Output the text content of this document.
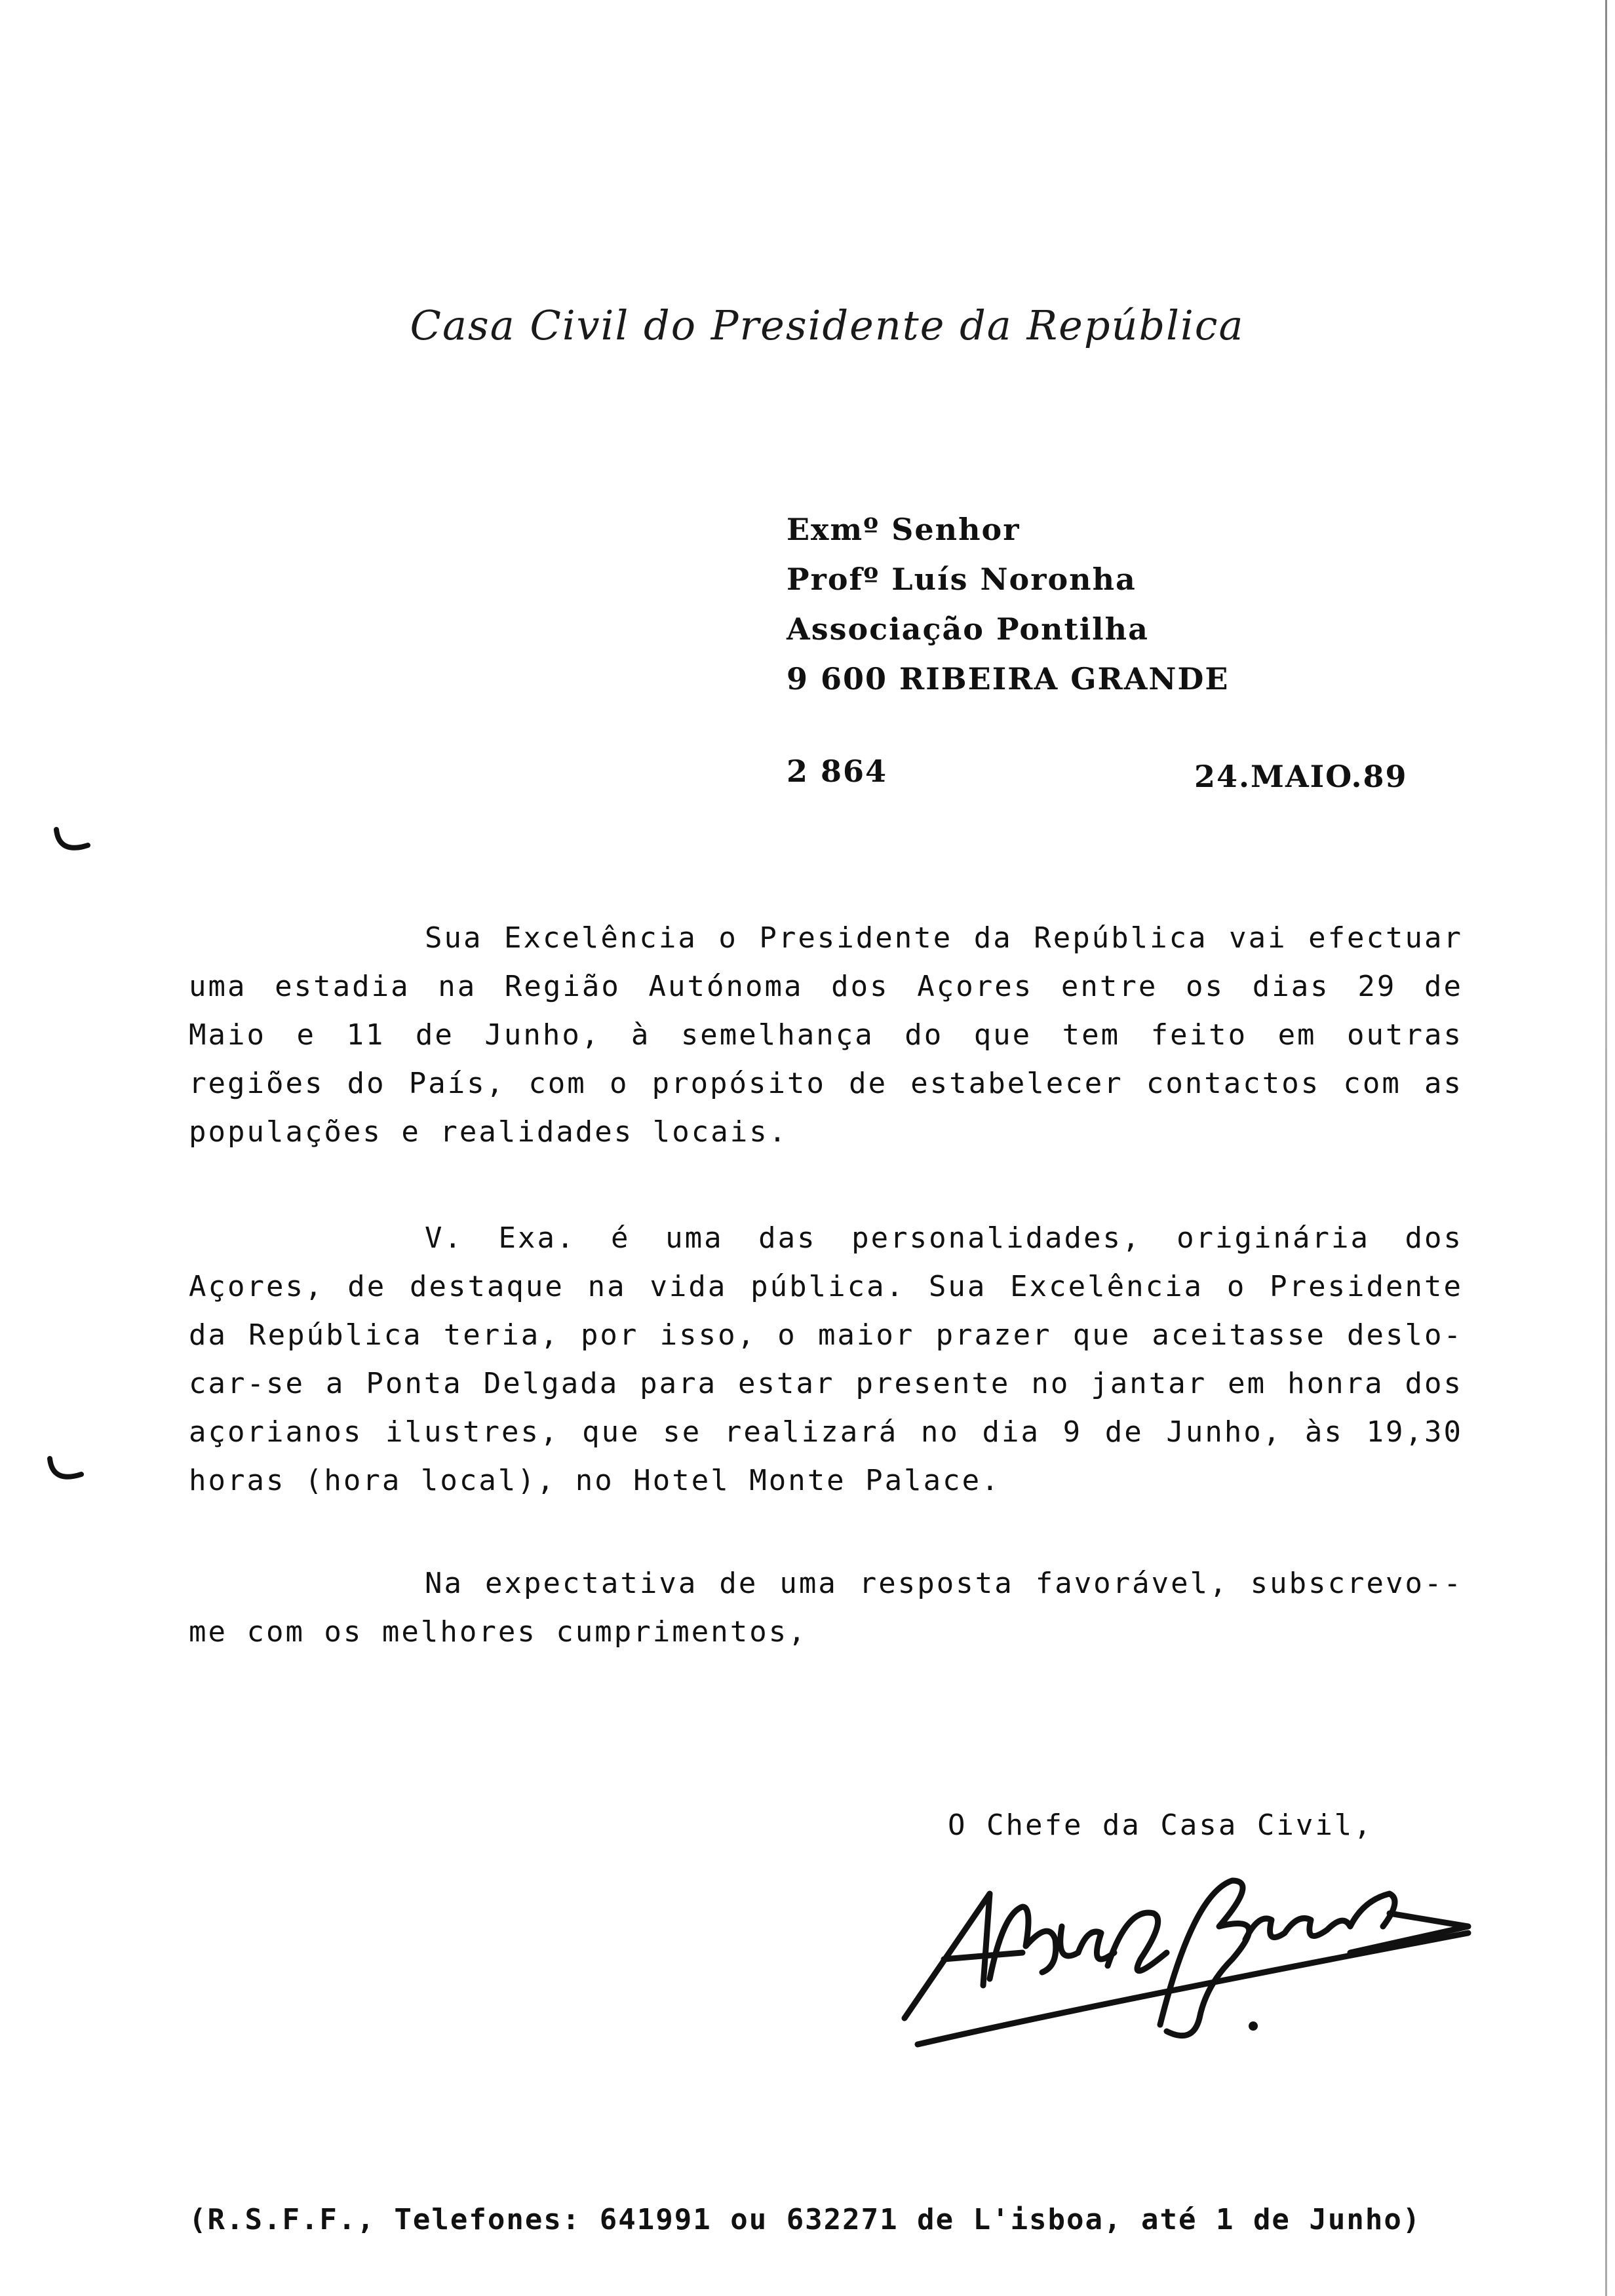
Casa Civil do Presidente da República
Exmº Senhor
Profº Luís Noronha
Associação Pontilha
9 600 RIBEIRA GRANDE
2 864	24.MAIO.89

Sua Excelência o Presidente da República vai efectuar uma estadia na Região Autónoma dos Açores entre os dias 29 de Maio e 11 de Junho, à semelhança do que tem feito em outras regiões do País, com o propósito de estabelecer contactos com as populações e realidades locais.

V. Exa. é uma das personalidades, originária dos Açores, de destaque na vida pública. Sua Excelência o Presidente da República teria, por isso, o maior prazer que aceitasse deslo-car-se a Ponta Delgada para estar presente no jantar em honra dos açorianos ilustres, que se realizará no dia 9 de Junho, às 19,30 horas (hora local), no Hotel Monte Palace.

Na expectativa de uma resposta favorável, subscrevo--me com os melhores cumprimentos,

O Chefe da Casa Civil,
(R.S.F.F., Telefones: 641991 ou 632271 de L'isboa, até 1 de Junho)
